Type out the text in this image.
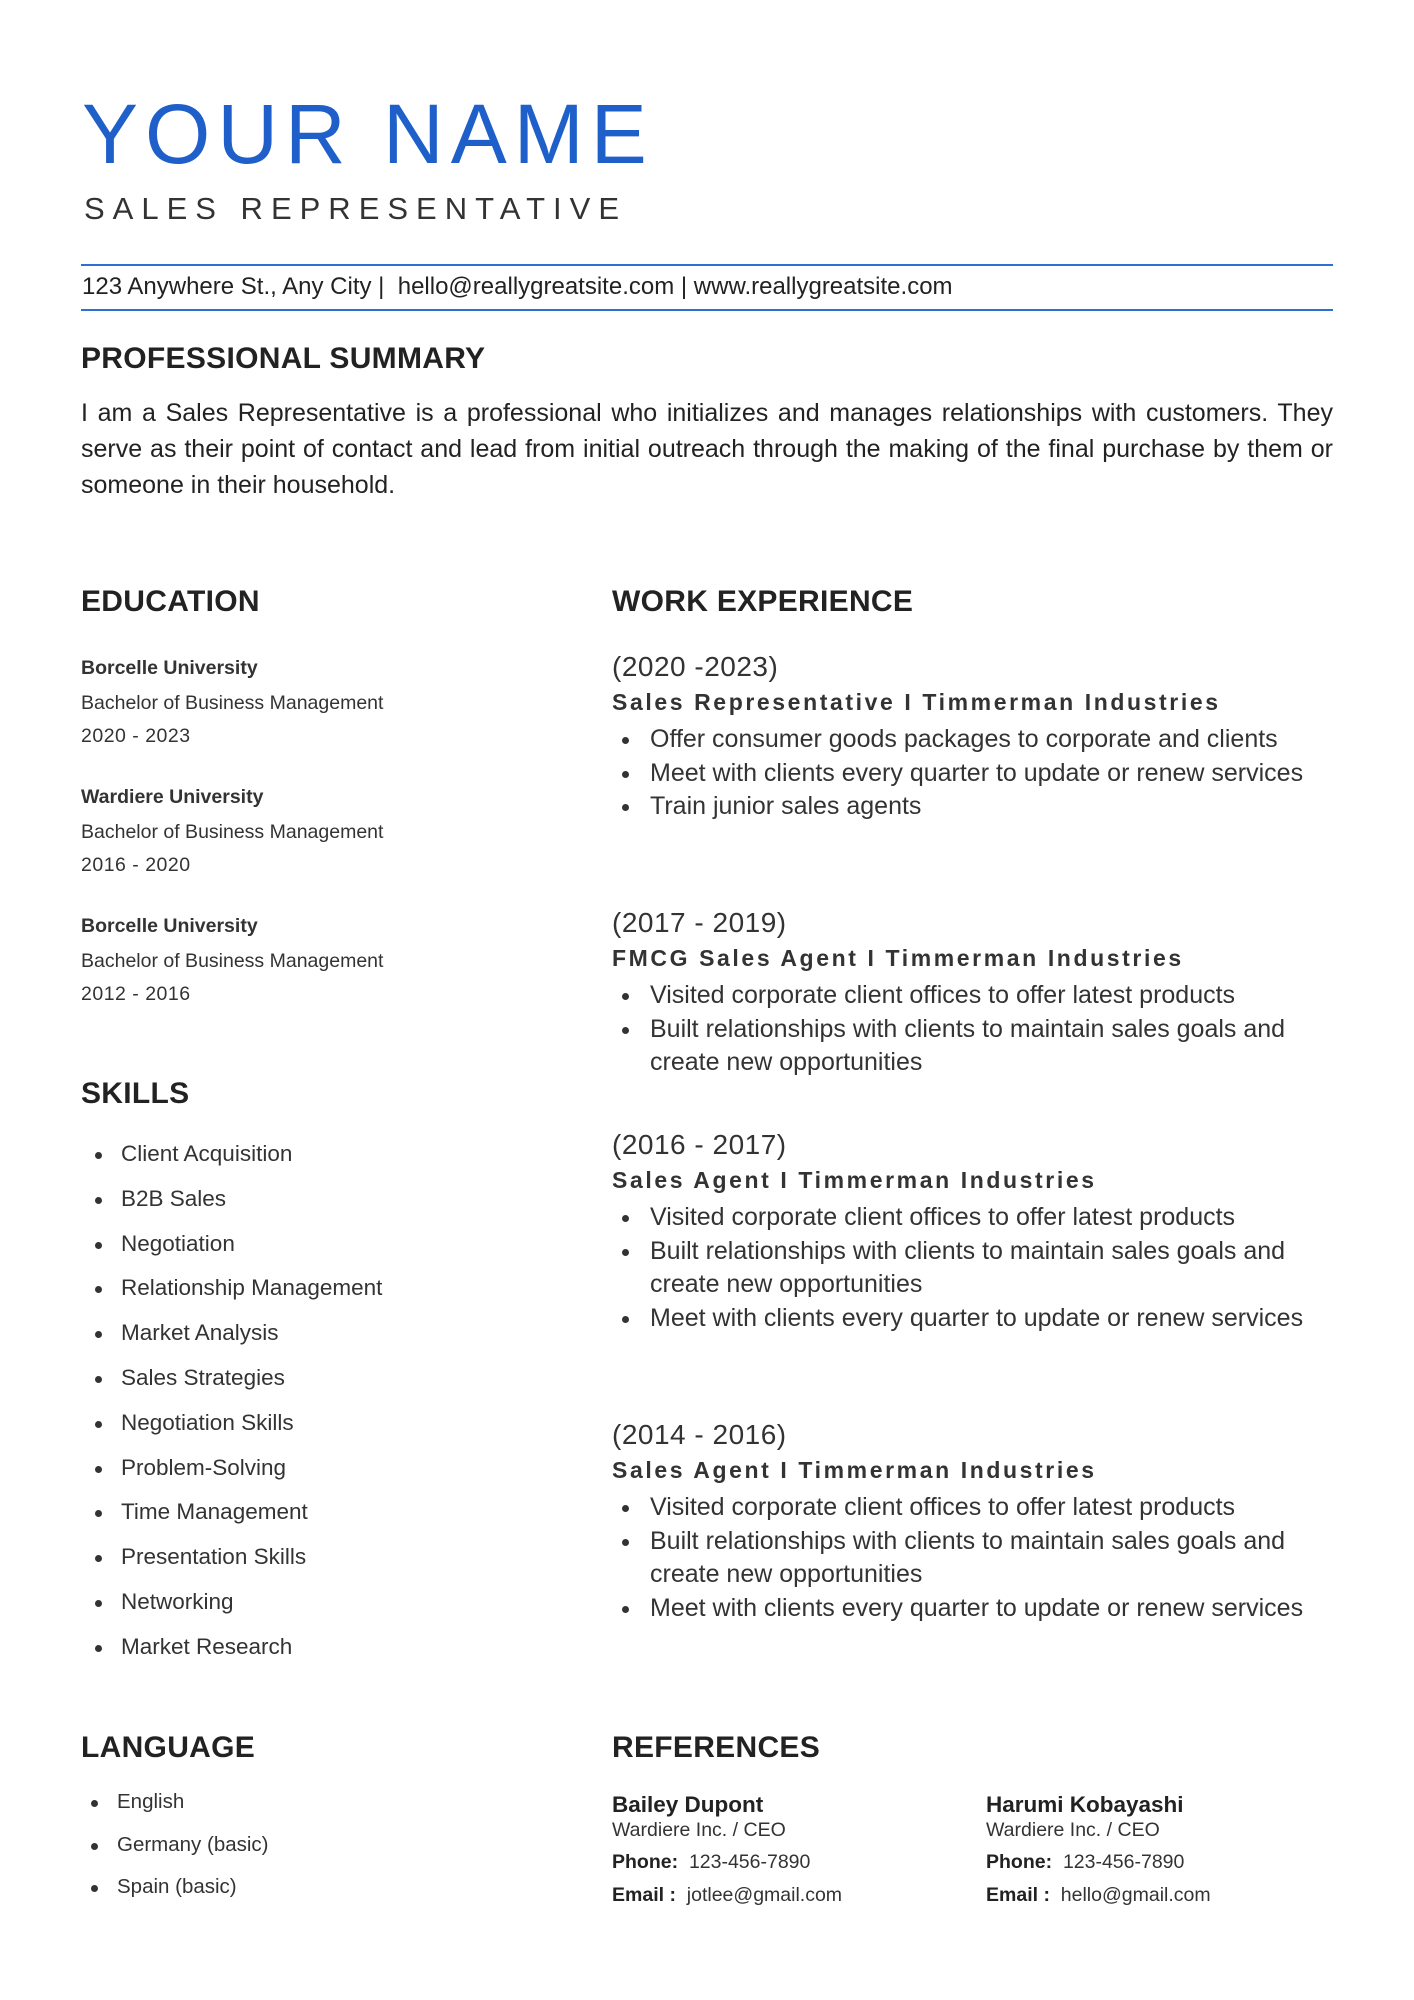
YOUR NAME
SALES REPRESENTATIVE
123 Anywhere St., Any City |  hello@reallygreatsite.com | www.reallygreatsite.com
PROFESSIONAL SUMMARY

I am a Sales Representative is a professional who initializes and manages relationships with customers. They serve as their point of contact and lead from initial outreach through the making of the final purchase by them or someone in their household.

EDUCATION
Borcelle University
Bachelor of Business Management
2020 - 2023
Wardiere University
Bachelor of Business Management
2016 - 2020
Borcelle University
Bachelor of Business Management
2012 - 2016
SKILLS
Client Acquisition
B2B Sales
Negotiation
Relationship Management
Market Analysis
Sales Strategies
Negotiation Skills
Problem-Solving
Time Management
Presentation Skills
Networking
Market Research
LANGUAGE
English
Germany (basic)
Spain (basic)
WORK EXPERIENCE
(2020 -2023)
Sales Representative I Timmerman Industries
Offer consumer goods packages to corporate and clients
Meet with clients every quarter to update or renew services
Train junior sales agents
(2017 - 2019)
FMCG Sales Agent I Timmerman Industries
Visited corporate client offices to offer latest products
Built relationships with clients to maintain sales goals and create new opportunities
(2016 - 2017)
Sales Agent I Timmerman Industries
Visited corporate client offices to offer latest products
Built relationships with clients to maintain sales goals and create new opportunities
Meet with clients every quarter to update or renew services
(2014 - 2016)
Sales Agent I Timmerman Industries
Visited corporate client offices to offer latest products
Built relationships with clients to maintain sales goals and create new opportunities
Meet with clients every quarter to update or renew services
REFERENCES
Bailey Dupont
Wardiere Inc. / CEO
Phone: 123-456-7890
Email : jotlee@gmail.com
Harumi Kobayashi
Wardiere Inc. / CEO
Phone: 123-456-7890
Email : hello@gmail.com
